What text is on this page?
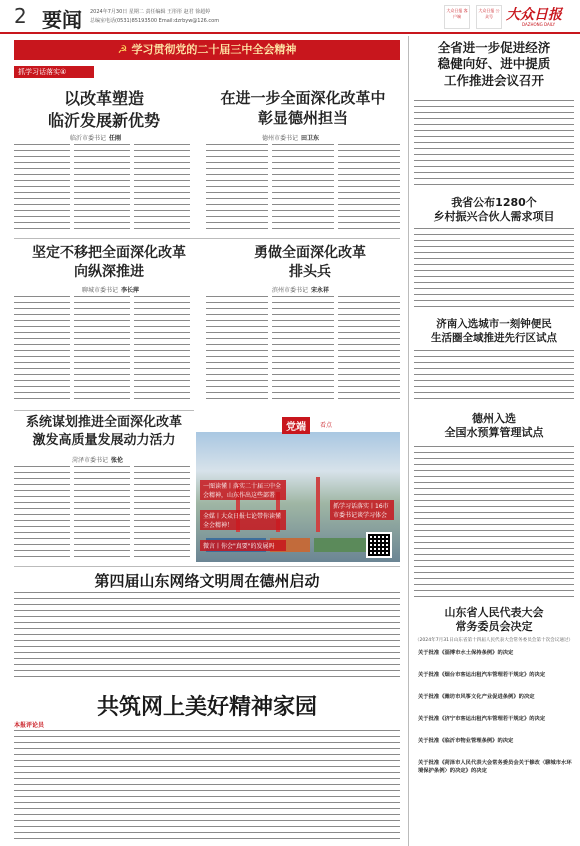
2 要闻 2024年7月30日 星期二 责任编辑 王彤彤 赵君 徐超婷
总编室电话(0531)85193500 Email:dzrbyw@126.com
大众日报 客户端
大众日报 公众号 大众日报
DAZHONG DAILY
☭ 学习贯彻党的二十届三中全会精神
抓学习话落实④
以改革塑造
临沂发展新优势
临沂市委书记 任刚
在进一步全面深化改革中
彰显德州担当
德州市委书记 田卫东
坚定不移把全面深化改革
向纵深推进
聊城市委书记 李长萍
勇做全面深化改革
排头兵
滨州市委书记 宋永祥
系统谋划推进全面深化改革
激发高质量发展动力活力
菏泽市委书记 张伦
党端	看点
一图读懂丨落实二十届三中全会精神，山东作出这些部署
全媒丨大众日报七论带你读懂全会精神！
抓学习话落实丨16市市委书记谈学习体会
微言丨你会"真要"的发展吗
第四届山东网络文明周在德州启动
共筑网上美好精神家园
本报评论员
全省进一步促进经济
稳健向好、进中提质
工作推进会议召开
我省公布1280个
乡村振兴合伙人需求项目
济南入选城市一刻钟便民
生活圈全域推进先行区试点
德州入选
全国水预算管理试点
山东省人民代表大会
常务委员会决定
（2024年7月31日山东省第十四届人民代表大会常务委员会第十次会议通过）
关于批准《淄博市水土保持条例》的决定
关于批准《烟台市客运出租汽车管理若干规定》的决定
关于批准《潍坊市风筝文化产业促进条例》的决定
关于批准《济宁市客运出租汽车管理若干规定》的决定
关于批准《临沂市物业管理条例》的决定
关于批准《菏泽市人民代表大会常务委员会关于修改〈聊城市水环境保护条例〉的决定》的决定
